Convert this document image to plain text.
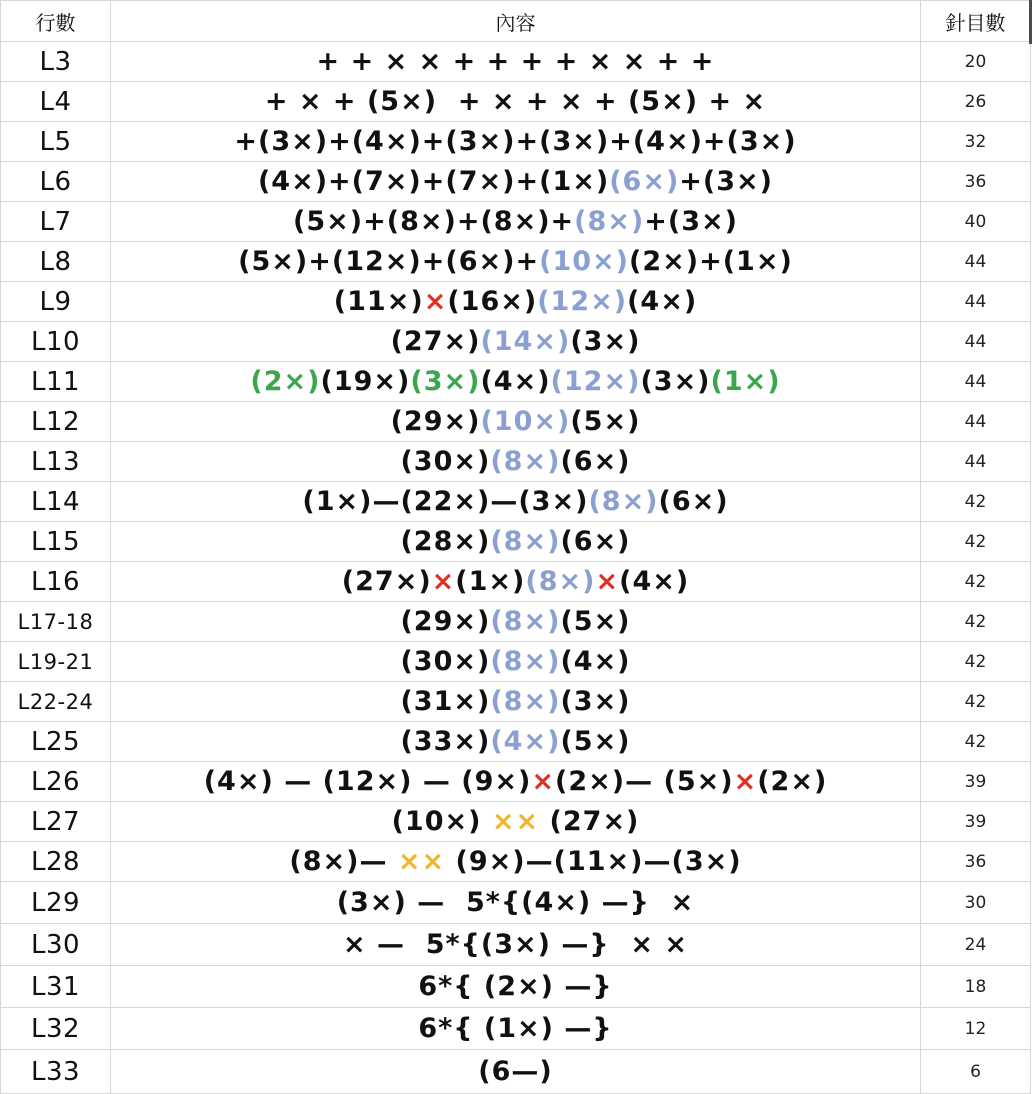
行數	內容	針目數
L3	+ + × × + + + + × × + +	20
L4	+ × + (5×)  + × + × + (5×) + ×	26
L5	+(3×)+(4×)+(3×)+(3×)+(4×)+(3×)	32
L6	(4×)+(7×)+(7×)+(1×)(6×)+(3×)	36
L7	(5×)+(8×)+(8×)+(8×)+(3×)	40
L8	(5×)+(12×)+(6×)+(10×)(2×)+(1×)	44
L9	(11×)×(16×)(12×)(4×)	44
L10	(27×)(14×)(3×)	44
L11	(2×)(19×)(3×)(4×)(12×)(3×)(1×)	44
L12	(29×)(10×)(5×)	44
L13	(30×)(8×)(6×)	44
L14	(1×)—(22×)—(3×)(8×)(6×)	42
L15	(28×)(8×)(6×)	42
L16	(27×)×(1×)(8×)×(4×)	42
L17-18	(29×)(8×)(5×)	42
L19-21	(30×)(8×)(4×)	42
L22-24	(31×)(8×)(3×)	42
L25	(33×)(4×)(5×)	42
L26	(4×) — (12×) — (9×)×(2×)— (5×)×(2×)	39
L27	(10×) ×× (27×)	39
L28	(8×)— ×× (9×)—(11×)—(3×)	36
L29	(3×) —  5*{(4×) —}  ×	30
L30	× —  5*{(3×) —}  × ×	24
L31	6*{ (2×) —}	18
L32	6*{ (1×) —}	12
L33	(6—)	6
